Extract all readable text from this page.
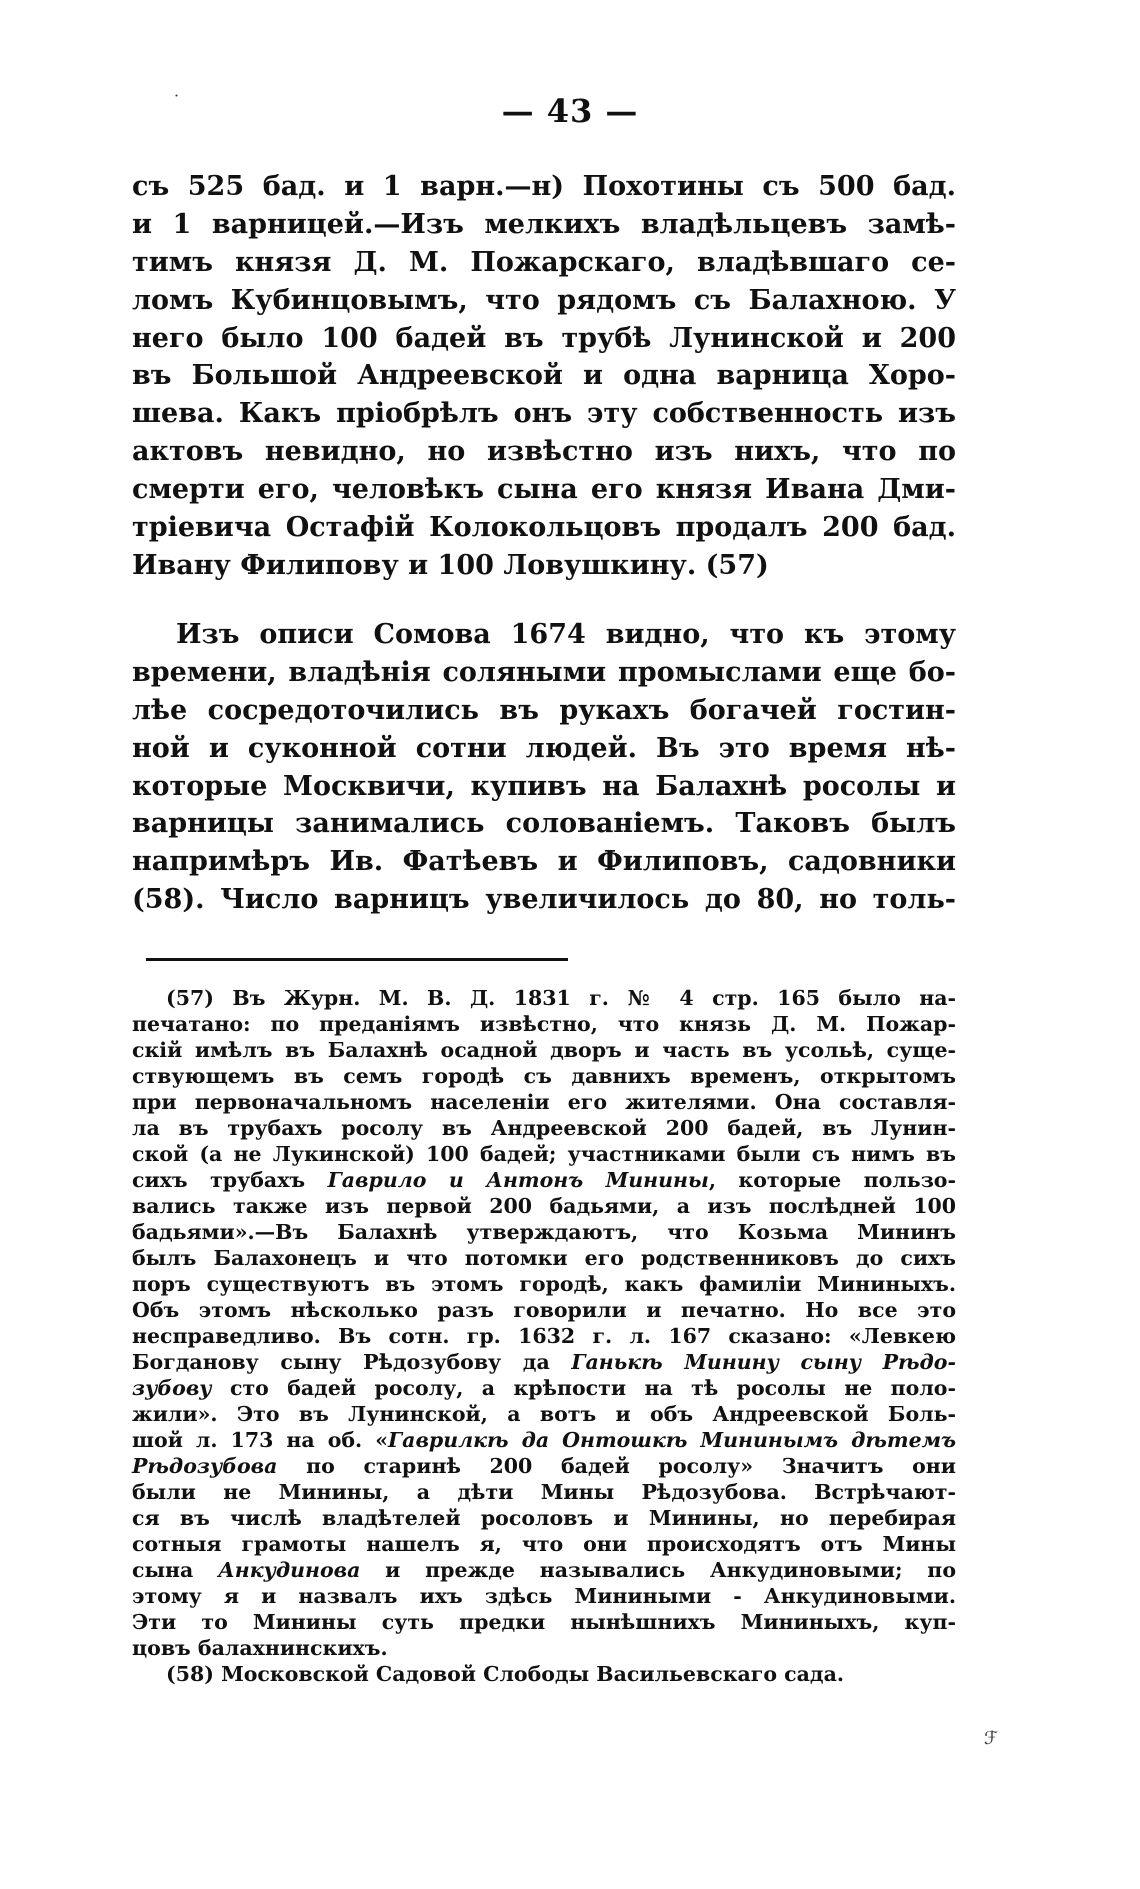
˙	— 43 —
съ 525 бад. и 1 варн.—н) Похотины съ 500 бад.
и 1 варницей.—Изъ мелкихъ владѣльцевъ замѣ-
тимъ князя Д. М. Пожарскаго, владѣвшаго се-
ломъ Кубинцовымъ, что рядомъ съ Балахною. У
него было 100 бадей въ трубѣ Лунинской и 200
въ Большой Андреевской и одна варница Хоро-
шева. Какъ пріобрѣлъ онъ эту собственность изъ
актовъ невидно, но извѣстно изъ нихъ, что по
смерти его, человѣкъ сына его князя Ивана Дми-
тріевича Остафій Колокольцовъ продалъ 200 бад.
Ивану Филипову и 100 Ловушкину. (57)
Изъ описи Сомова 1674 видно, что къ этому
времени, владѣнія соляными промыслами еще бо-
лѣе сосредоточились въ рукахъ богачей гостин-
ной и суконной сотни людей. Въ это время нѣ-
которые Москвичи, купивъ на Балахнѣ росолы и
варницы занимались солованіемъ. Таковъ былъ
напримѣръ Ив. Фатѣевъ и Филиповъ, садовники
(58). Число варницъ увеличилось до 80, но толь-
(57) Въ Журн. М. В. Д. 1831 г. № 4 стр. 165 было на-
печатано: по преданіямъ извѣстно, что князь Д. М. Пожар-
скій имѣлъ въ Балахнѣ осадной дворъ и часть въ усольѣ, суще-
ствующемъ въ семъ городѣ съ давнихъ временъ, открытомъ
при первоначальномъ населеніи его жителями. Она составля-
ла въ трубахъ росолу въ Андреевской 200 бадей, въ Лунин-
ской (а не Лукинской) 100 бадей; участниками были съ нимъ въ
сихъ трубахъ Гаврило и Антонъ Минины, которые пользо-
вались также изъ первой 200 бадьями, а изъ послѣдней 100
бадьями».—Въ Балахнѣ утверждаютъ, что Козьма Мининъ
былъ Балахонецъ и что потомки его родственниковъ до сихъ
поръ существуютъ въ этомъ городѣ, какъ фамиліи Мининыхъ.
Объ этомъ нѣсколько разъ говорили и печатно. Но все это
несправедливо. Въ сотн. гр. 1632 г. л. 167 сказано: «Левкею
Богданову сыну Рѣдозубову да Ганькѣ Минину сыну Рѣдо-
зубову сто бадей росолу, а крѣпости на тѣ росолы не поло-
жили». Это въ Лунинской, а вотъ и объ Андреевской Боль-
шой л. 173 на об. «Гаврилкѣ да Онтошкѣ Мининымъ дѣтемъ
Рѣдозубова по старинѣ 200 бадей росолу» Значитъ они
были не Минины, а дѣти Мины Рѣдозубова. Встрѣчают-
ся въ числѣ владѣтелей росоловъ и Минины, но перебирая
сотныя грамоты нашелъ я, что они происходятъ отъ Мины
сына Анкудинова и прежде назывались Анкудиновыми; по
этому я и назвалъ ихъ здѣсь Миниными - Анкудиновыми.
Эти то Минины суть предки нынѣшнихъ Мининыхъ, куп-
цовъ балахнинскихъ.
(58) Московской Садовой Слободы Васильевскаго сада.
ℱ
